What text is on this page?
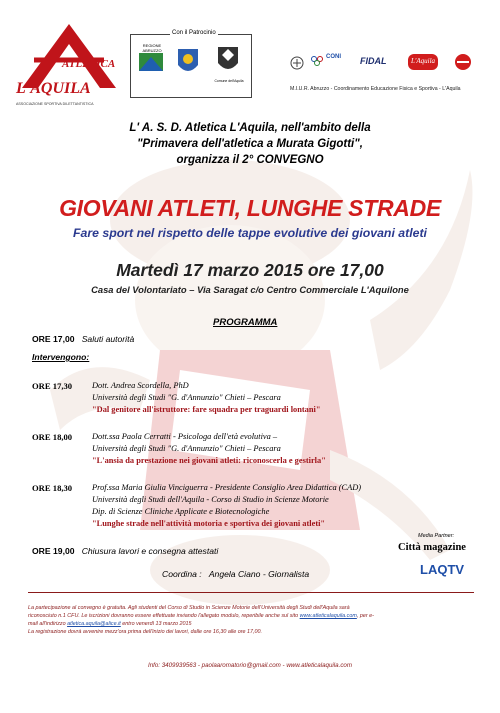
ATLETICA
L'AQUILA
ASSOCIAZIONE SPORTIVA DILETTANTISTICA
REGIONE ABRUZZO
Comune dell'Aquila
Con il Patrocinio
CONI FIDAL	L'Aquila
M.I.U.R. Abruzzo - Coordinamento Educazione Fisica e Sportiva - L'Aquila
L' A. S. D. Atletica L'Aquila, nell'ambito della
"Primavera dell'atletica a Murata Gigotti",
organizza il 2° CONVEGNO
GIOVANI ATLETI, LUNGHE STRADE
Fare sport nel rispetto delle tappe evolutive dei giovani atleti
Martedì 17 marzo 2015 ore 17,00
Casa del Volontariato – Via Saragat c/o Centro Commerciale L'Aquilone
PROGRAMMA
ORE 17,00 Saluti autorità
Intervengono:
ORE 17,30 Dott. Andrea Scordella, PhD
Università degli Studi "G. d'Annunzio" Chieti – Pescara
"Dal genitore all'istruttore: fare squadra per traguardi lontani"
ORE 18,00 Dott.ssa Paola Cerratti - Psicologa dell'età evolutiva –
Università degli Studi "G. d'Annunzio" Chieti – Pescara
"L'ansia da prestazione nei giovani atleti: riconoscerla e gestirla"
ORE 18,30 Prof.ssa Maria Giulia Vinciguerra - Presidente Consiglio Area Didattica (CAD)
Università degli Studi dell'Aquila - Corso di Studio in Scienze Motorie
Dip. di Scienze Cliniche Applicate e Biotecnologiche
"Lunghe strade nell'attività motoria e sportiva dei giovani atleti"
ORE 19,00 Chiusura lavori e consegna attestati
Coordina : Angela Ciano - Giornalista
Media Partner:
Città magazine
LAQTV
La partecipazione al convegno è gratuita. Agli studenti del Corso di Studio in Scienze Motorie dell'Università degli Studi dell'Aquila sarà
riconosciuto n.1 CFU. Le iscrizioni dovranno essere effettuate inviando l'allegato modulo, reperibile anche sul sito www.atleticalaquila.com, per e-
mail all'indirizzo atletica.aquila@alice.it entro venerdì 13 marzo 2015
La registrazione dovrà avvenire mezz'ora prima dell'inizio dei lavori, dalle ore 16,30 alle ore 17,00.
Info: 3409939563 - paolaaromatorio@gmail.com - www.atleticalaquila.com
